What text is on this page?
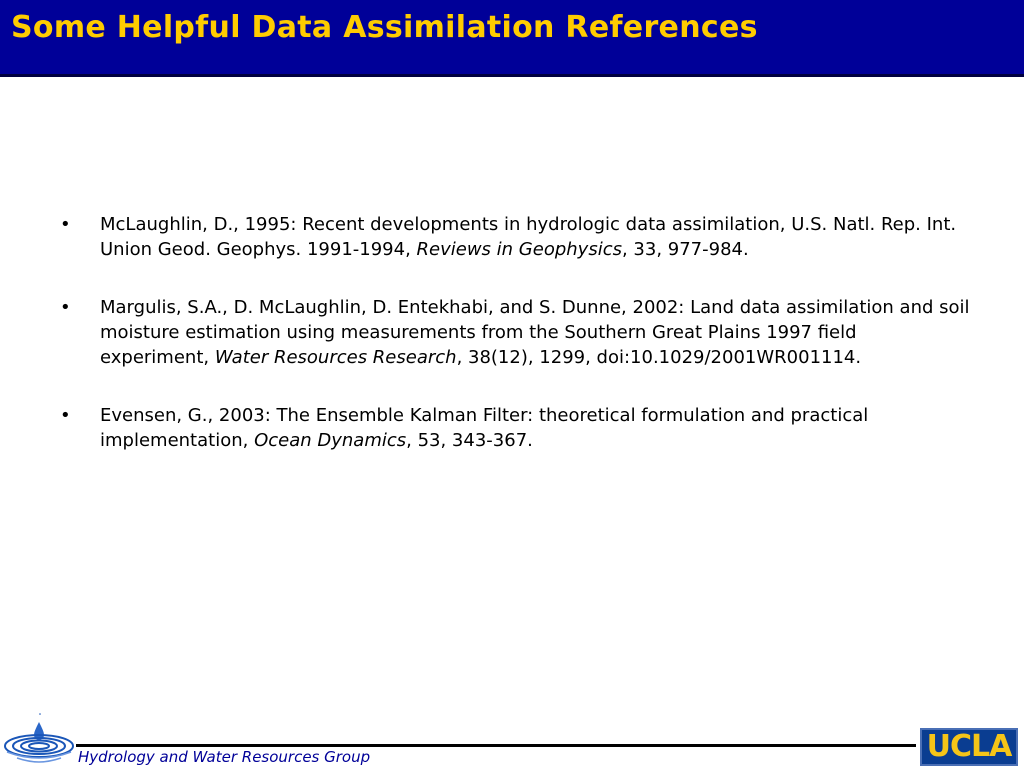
Some Helpful Data Assimilation References
• McLaughlin, D., 1995: Recent developments in hydrologic data assimilation, U.S. Natl. Rep. Int. Union Geod. Geophys. 1991-1994, Reviews in Geophysics, 33, 977-984.
• Margulis, S.A., D. McLaughlin, D. Entekhabi, and S. Dunne, 2002: Land data assimilation and soil moisture estimation using measurements from the Southern Great Plains 1997 field experiment, Water Resources Research, 38(12), 1299, doi:10.1029/2001WR001114.
• Evensen, G., 2003: The Ensemble Kalman Filter: theoretical formulation and practical implementation, Ocean Dynamics, 53, 343-367.
Hydrology and Water Resources Group	UCLA
